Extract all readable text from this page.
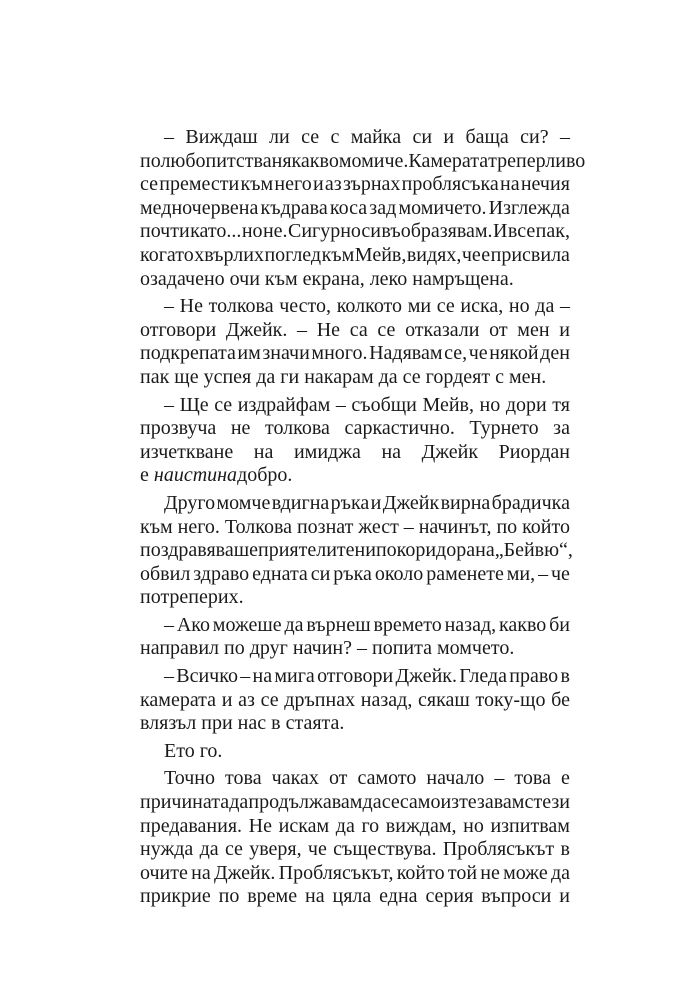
– Виждаш ли се с майка си и баща си? –
полюбопитства някакво момиче. Камерата треперливо
се премести към него и аз зърнах проблясъка на нечия
медночервена къдрава коса зад момичето. Изглежда
почти като... но не. Сигурно си въобразявам. И все пак,
когато хвърлих поглед към Мейв, видях, че е присвила
озадачено очи към екрана, леко намръщена.
– Не толкова често, колкото ми се иска, но да –
отговори Джейк. – Не са се отказали от мен и
подкрепата им значи много. Надявам се, че някой ден
пак ще успея да ги накарам да се гордеят с мен.
– Ще се издрайфам – съобщи Мейв, но дори тя
прозвуча не толкова саркастично. Турнето за
изчеткване на имиджа на Джейк Риордан
е наистинадобро.
Друго момче вдигна ръка и Джейк вирна брадичка
към него. Толкова познат жест – начинът, по който
поздравяваше приятелите ни по коридора на „Бейвю“,
обвил здраво едната си ръка около раменете ми, – че
потреперих.
– Ако можеше да върнеш времето назад, какво би
направил по друг начин? – попита момчето.
– Всичко – на мига отговори Джейк. Гледа право в
камерата и аз се дръпнах назад, сякаш току-що бе
влязъл при нас в стаята.
Ето го.
Точно това чаках от самото начало – това е
причината да продължавам да се самоизтезавам с тези
предавания. Не искам да го виждам, но изпитвам
нужда да се уверя, че съществува. Проблясъкът в
очите на Джейк. Проблясъкът, който той не може да
прикрие по време на цяла една серия въпроси и
